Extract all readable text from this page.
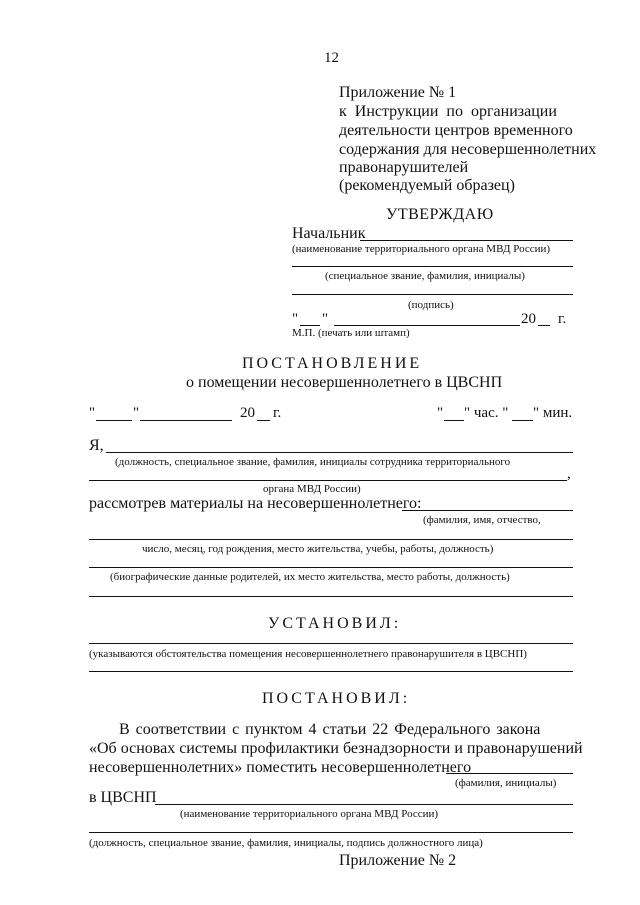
12
Приложение № 1
к Инструкции по организации
деятельности центров временного
содержания для несовершеннолетних
правонарушителей
(рекомендуемый образец)
УТВЕРЖДАЮ
Начальник
(наименование территориального органа МВД России)
(специальное звание, фамилия, инициалы)
(подпись)
" "	20 г.
М.П. (печать или штамп)
ПОСТАНОВЛЕНИЕ
о помещении несовершеннолетнего в ЦВСНП
"	"	20 г.	" " час. " " мин.
Я,
(должность, специальное звание, фамилия, инициалы сотрудника территориального
,
органа МВД России)
рассмотрев материалы на несовершеннолетнего:
(фамилия, имя, отчество,
число, месяц, год рождения, место жительства, учебы, работы, должность)
(биографические данные родителей, их место жительства, место работы, должность)
УСТАНОВИЛ:
(указываются обстоятельства помещения несовершеннолетнего правонарушителя в ЦВСНП)
ПОСТАНОВИЛ:
В соответствии с пунктом 4 статьи 22 Федерального закона
«Об основах системы профилактики безнадзорности и правонарушений
несовершеннолетних» поместить несовершеннолетнего
(фамилия, инициалы)
в ЦВСНП
(наименование территориального органа МВД России)
(должность, специальное звание, фамилия, инициалы, подпись должностного лица)
Приложение № 2
